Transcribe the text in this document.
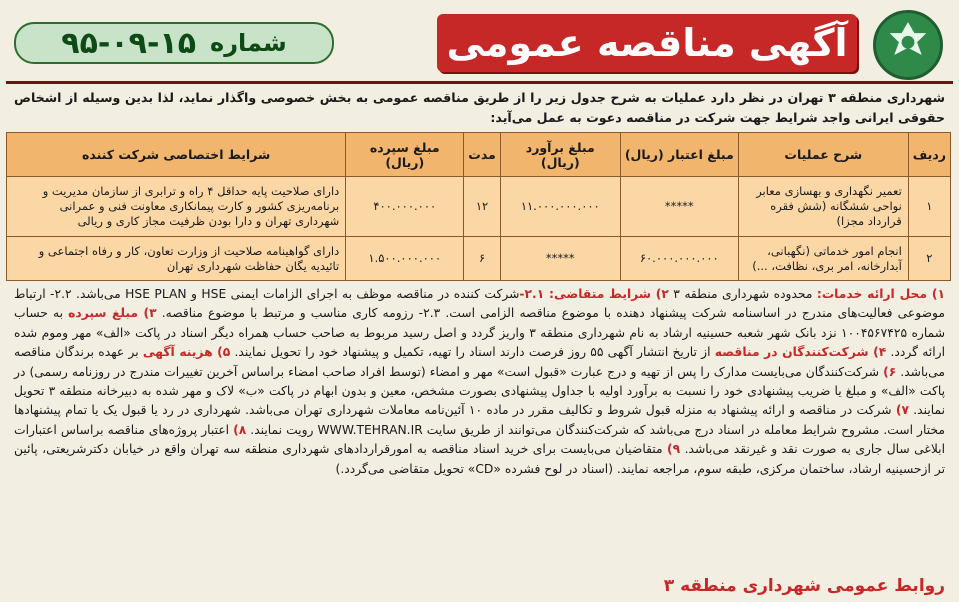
آگهی مناقصه عمومی
شماره
۹۵-۰۹-۱۵
شهرداری منطقه ۳ تهران در نظر دارد عملیات به شرح جدول زیر را از طریق مناقصه عمومی به بخش خصوصی واگذار نماید، لذا بدین وسیله از اشخاص حقوقی ایرانی واجد شرایط جهت شرکت در مناقصه دعوت به عمل می‌آید:
ردیف	شرح عملیات	مبلغ اعتبار (ریال)	مبلغ برآورد (ریال)	مدت	مبلغ سپرده (ریال)	شرایط اختصاصی شرکت کننده
۱	تعمیر نگهداری و بهسازی معابر نواحی ششگانه (شش فقره قرارداد مجزا)	*****	۱۱.۰۰۰.۰۰۰.۰۰۰	۱۲	۴۰۰.۰۰۰.۰۰۰	دارای صلاحیت پایه حداقل ۴ راه و ترابری از سازمان مدیریت و برنامه‌ریزی کشور و کارت پیمانکاری معاونت فنی و عمرانی شهرداری تهران و دارا بودن ظرفیت مجاز کاری و ریالی
۲	انجام امور خدماتی (نگهبانی، آبدارخانه، امر بری، نظافت، ...)	۶۰.۰۰۰.۰۰۰.۰۰۰	*****	۶	۱.۵۰۰.۰۰۰.۰۰۰	دارای گواهینامه صلاحیت از وزارت تعاون، کار و رفاه اجتماعی و تائیدیه یگان حفاظت شهرداری تهران
۱) محل ارائه خدمات: محدوده شهرداری منطقه ۳ ۲) شرایط متقاضی: ۲.۱-شرکت کننده در مناقصه موظف به اجرای الزامات ایمنی HSE و HSE PLAN می‌باشد. ۲.۲- ارتباط موضوعی فعالیت‌های مندرج در اساسنامه شرکت پیشنهاد دهنده با موضوع مناقصه الزامی است. ۲.۳- رزومه کاری مناسب و مرتبط با موضوع مناقصه. ۳) مبلغ سپرده به حساب شماره ۱۰۰۴۵۶۷۴۲۵ نزد بانک شهر شعبه حسینیه ارشاد به نام شهرداری منطقه ۳ واریز گردد و اصل رسید مربوط به صاحب حساب همراه دیگر اسناد در پاکت «الف» مهر وموم شده ارائه گردد. ۴) شرکت‌کنندگان در مناقصه از تاریخ انتشار آگهی ۵۵ روز فرصت دارند اسناد را تهیه، تکمیل و پیشنهاد خود را تحویل نمایند. ۵) هزینه آگهی بر عهده برندگان مناقصه می‌باشد. ۶) شرکت‌کنندگان می‌بایست مدارک را پس از تهیه و درج عبارت «قبول است» مهر و امضاء (توسط افراد صاحب امضاء براساس آخرین تغییرات مندرج در روزنامه رسمی) در پاکت «الف» و مبلغ یا ضریب پیشنهادی خود را نسبت به برآورد اولیه با جداول پیشنهادی بصورت مشخص، معین و بدون ابهام در پاکت «ب» لاک و مهر شده به دبیرخانه منطقه ۳ تحویل نمایند. ۷) شرکت در مناقصه و ارائه پیشنهاد به منزله قبول شروط و تکالیف مقرر در ماده ۱۰ آئین‌نامه معاملات شهرداری تهران می‌باشد. شهرداری در رد یا قبول یک یا تمام پیشنهادها مختار است. مشروح شرایط معامله در اسناد درج می‌باشد که شرکت‌کنندگان می‌توانند از طریق سایت WWW.TEHRAN.IR رویت نمایند. ۸) اعتبار پروژه‌های مناقصه براساس اعتبارات ابلاغی سال جاری به صورت نقد و غیرنقد می‌باشد. ۹) متقاضیان می‌بایست برای خرید اسناد مناقصه به امورقراردادهای شهرداری منطقه سه تهران واقع در خیابان دکترشریعتی، پائین تر ازحسینیه ارشاد، ساختمان مرکزی، طبقه سوم، مراجعه نمایند. (اسناد در لوح فشرده «CD» تحویل متقاضی می‌گردد.)
روابط عمومی شهرداری منطقه ۳
